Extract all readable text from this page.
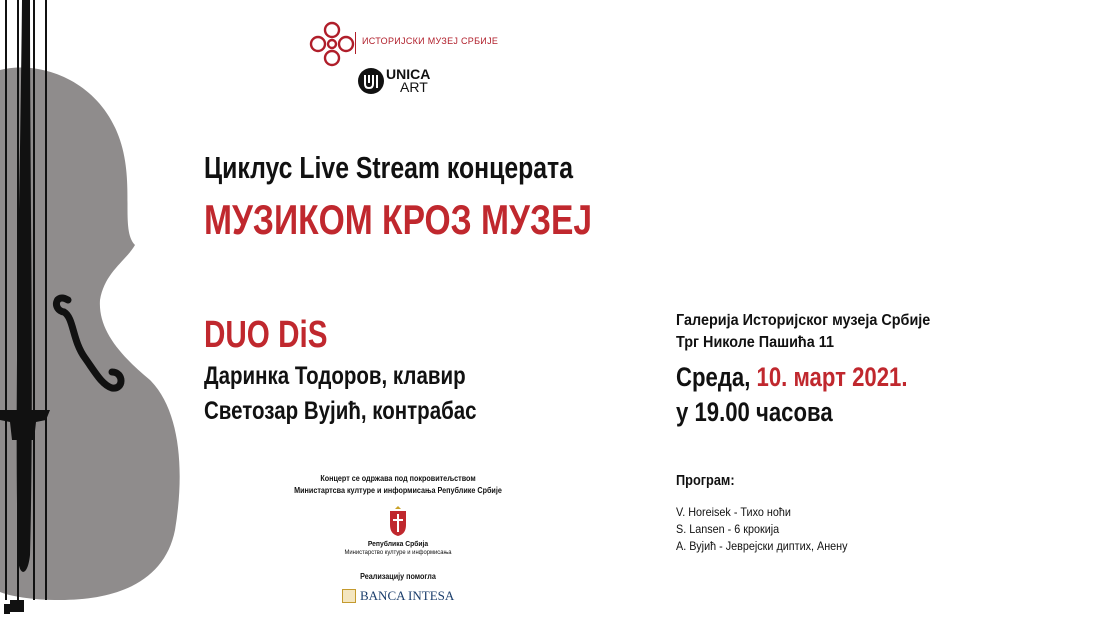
ИСТОРИЈСКИ МУЗЕЈ СРБИЈЕ
UNICA
ART
Циклус Live Stream концерата
МУЗИКОМ КРОЗ МУЗЕЈ
DUO DiS
Даринка Тодоров, клавир
Светозар Вујић, контрабас
Галерија Историјског музеја Србије
Трг Николе Пашића 11
Среда, 10. март 2021.
у 19.00 часова
Програм:
V. Horeisek - Тихо ноћи
S. Lansen - 6 крокија
A. Вујић - Јеврејски диптих, Анену
Концерт се одржава под покровитељством
Министартсва културе и информисања Републике Србије
Република Србија
Министарство културе и информисања
Реализацију помогла
BANCA INTESA
